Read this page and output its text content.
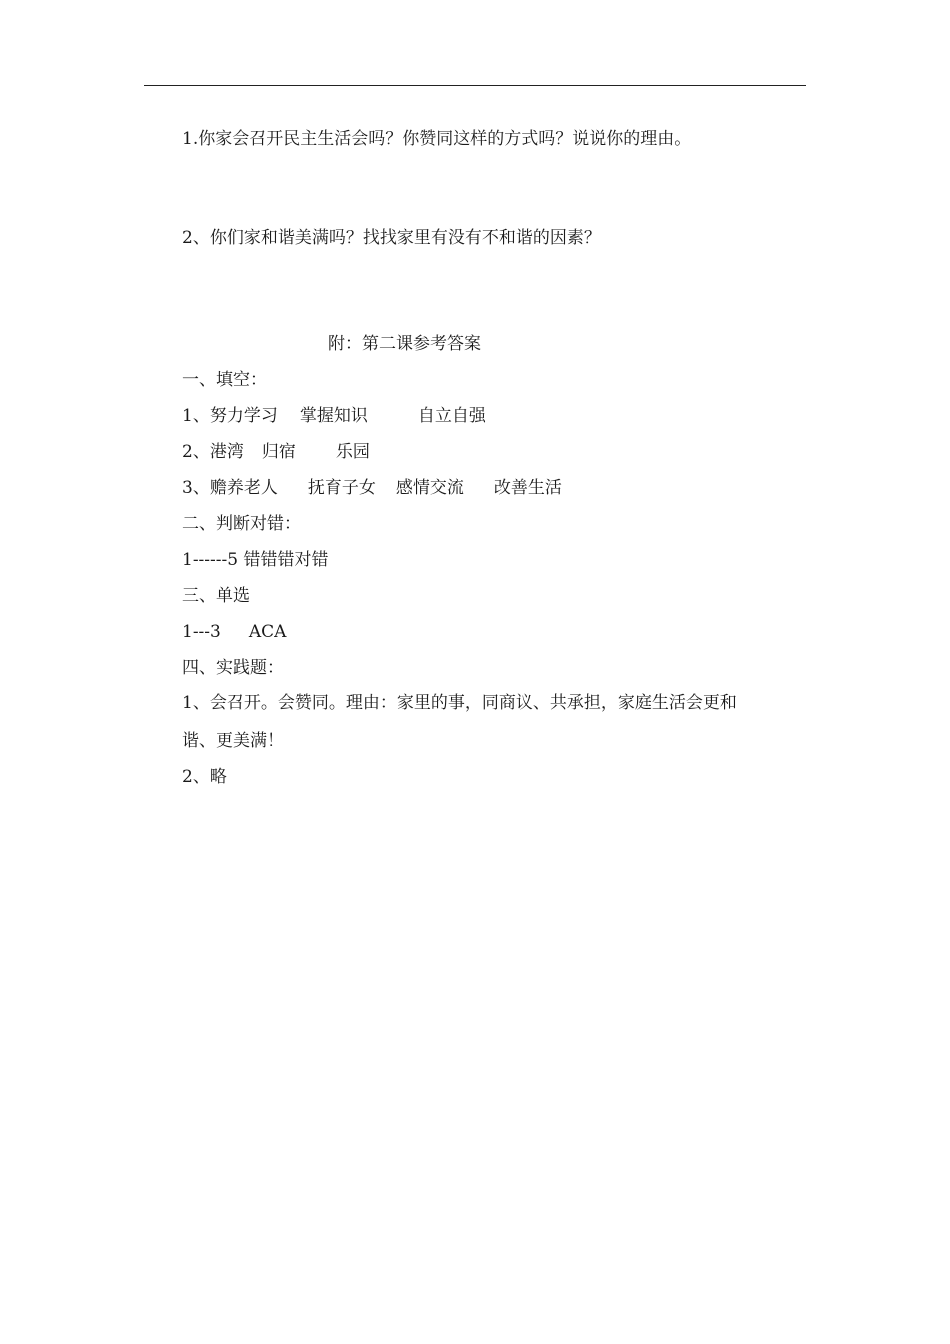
1.你家会召开民主生活会吗？你赞同这样的方式吗？说说你的理由。
2、你们家和谐美满吗？找找家里有没有不和谐的因素？
附：第二课参考答案
一、填空：
1、努力学习 掌握知识	自立自强
2、港湾 归宿 乐园
3、赡养老人 抚育子女 感情交流 改善生活
二、判断对错：
1------5 错错错对错
三、单选
1---3 ACA
四、实践题：
1、会召开。会赞同。理由：家里的事，同商议、共承担，家庭生活会更和
谐、更美满！
2、略
